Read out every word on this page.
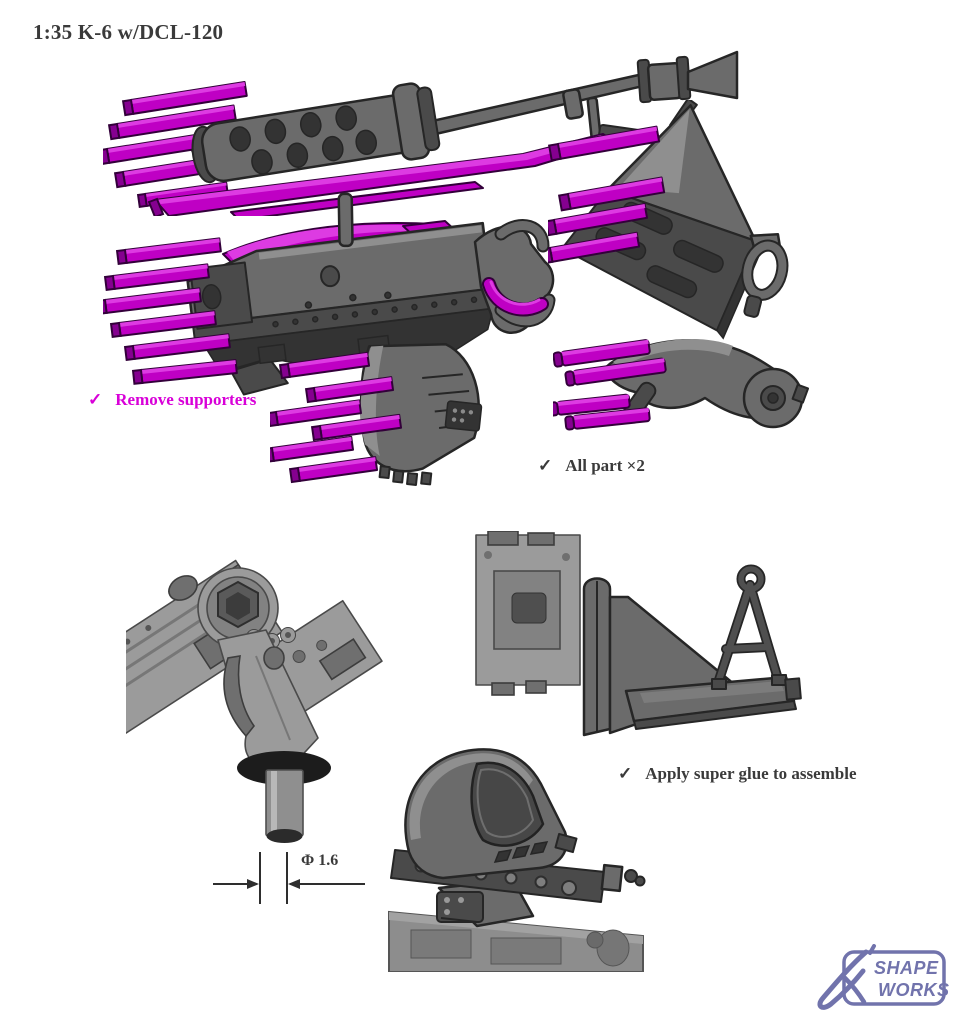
1:35 K-6 w/DCL-120
Φ 1.6
✓ Remove supporters
✓ All part ×2
✓ Apply super glue to assemble
SHAPE
WORKS
